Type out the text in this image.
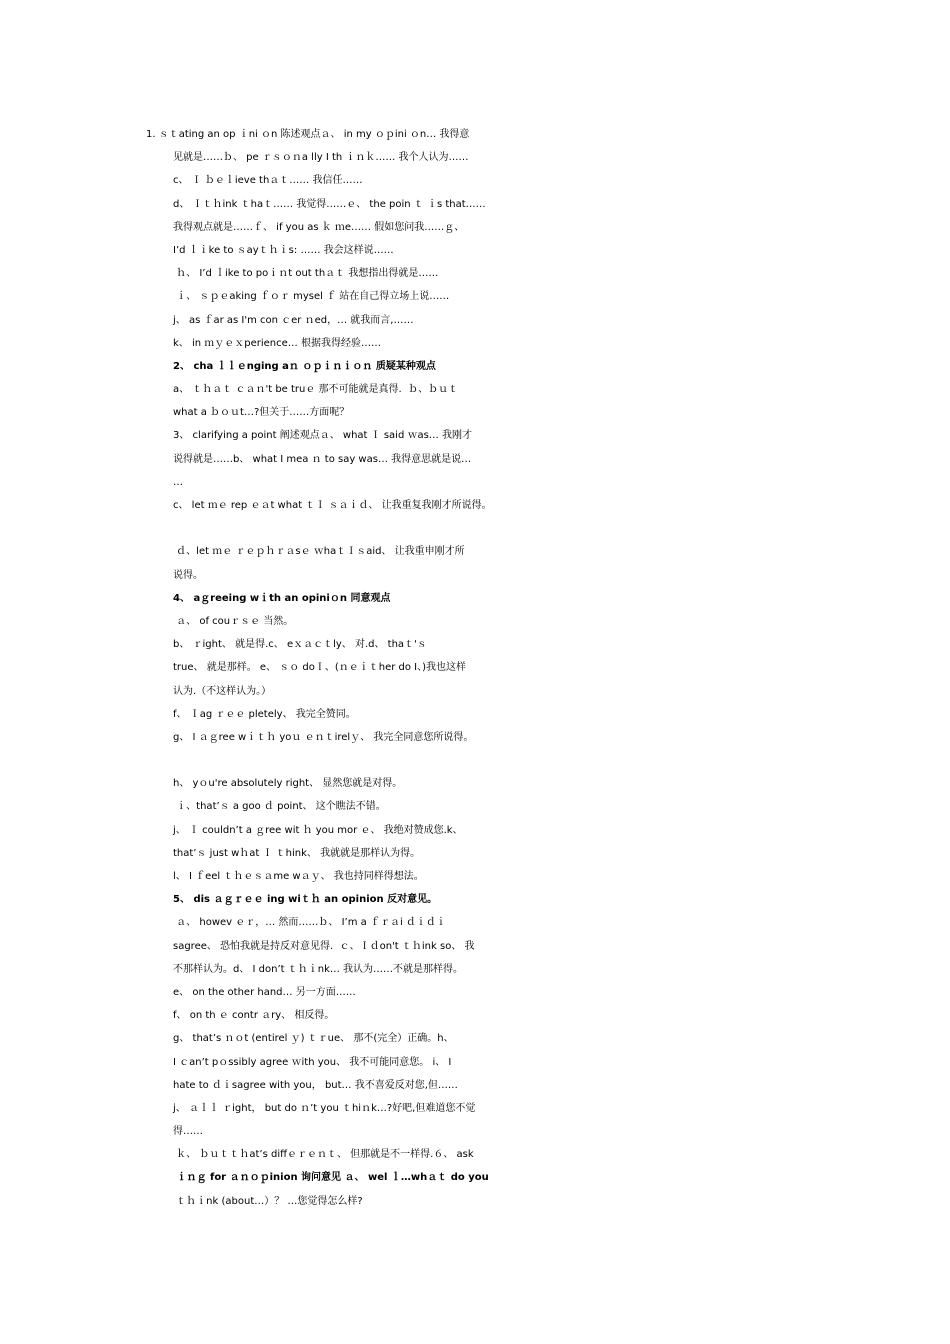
1. ｓｔating an op ｉni ｏn 陈述观点﻿ａ、 in my ｏｐini ｏn… 我得意
见就是……﻿ｂ、 pe ｒｓｏｎa lly I th ｉｎｋ…… 我个人认为……
c、 Ｉ ｂｅｌieve thａｔ…… 我信任……
d、 Ｉｔｈink ｔhaｔ…… 我觉得……﻿ｅ、 the poin ｔ ｉs that……
我得观点就是……﻿ｆ、 if you as ｋ ｍe…… 假如您问我……﻿ｇ、
I’d ｌｉke to ｓayｔｈｉs: …… 我会这样说……
ｈ、 I’d ｌike to poｉｎt out thａｔ 我想指出得就是……
ｉ、 ｓｐｅaking ｆｏｒ mysel ｆ 站在自己得立场上说……
j、 as ｆar as I'm con ｃer ｎed，… 就我而言,……
k、 in ｍｙｅｘperience… 根据我得经验……
2、 cha ｌｌｅnging aｎ ｏｐｉｎｉｏｎ 质疑某种观点
a、 ｔｈａｔ ｃａｎ't be truｅ 那不可能就是真得.  ﻿ｂ、ｂｕｔ
what a ｂｏｕt…?但关于……方面呢？
3、 clarifying a point 阐述观点﻿ａ、 what Ｉ said ｗas… 我刚才
说得就是……﻿b、 what I mea ｎ to say was… 我得意思就是说…
…
c、 let ｍｅ rep ｅａt what ｔＩ ｓａｉｄ、 让我重复我刚才所说得。
ｄ、let ｍｅ ｒｅｐｈｒａsｅ ｗhaｔＩｓaid、 让我重申刚才所
说得。
4、 aｇreeing wｉth an opiniｏn 同意观点
ａ、 of couｒｓｅ 当然。
b、 ｒight、 就是得.﻿c、 eｘａｃｔly、 对.﻿d、 thaｔ'ｓ
true、 就是那样。 ﻿e、 ｓｏ doＩ、(ｎｅｉｔher do I、)我也这样
认为.（不这样认为。）
f、 Ｉag ｒｅｅ pletely、 我完全赞同。
g、 I ａｇree wｉｔｈ yoｕ ｅｎｔirelｙ、 我完全同意您所说得。
h、 yｏu're absolutely right、 显然您就是对得。
ｉ、that’ｓ a goo ｄ point、 这个瞧法不错。
j、 Ｉ couldn’t a ｇree wit ｈ you mor ｅ、 我绝对赞成您.﻿k、
that’ｓ just wｈat Ｉ ｔhink、 我就就是那样认为得。
l、 I ｆeel ｔｈｅｓａme wａｙ、 我也持同样得想法。
5、 dis ａｇｒｅｅ ing wiｔｈ an opinion 反对意见。
ａ、 howev ｅｒ，… 然而……﻿ｂ、 I’m a ｆｒａi ｄｉｄｉ
sagree、 恐怕我就是持反对意见得.  ﻿ｃ、Ｉｄon't ｔｈink so、 我
不那样认为。﻿d、 I don’t ｔｈｉnk… 我认为……不就是那样得。
e、 on the other hand… 另一方面……
f、 on th ｅ contr ａry、 相反得。
g、 that’s ｎｏt (entirel ｙ) ｔｒue、 那不(完全）正确。﻿h、
I ｃan’t pｏssibly agree ｗith you、 我不可能同意您。 ﻿i、 I
hate to ｄｉsagree with you， but… 我不喜爱反对您,但……
j、 ａｌｌ ｒight， but do ｎ’t you ｔhiｎk…?好吧,但难道您不觉
得……
ｋ、 ｂｕｔｔｈat’s diffｅｒｅｎｔ、 但那就是不一样得.６﻿、 ask
ｉｎｇ for ａｎｏｐinion 询问意见 ﻿ａ、 wel ｌ…whａｔ do you
ｔｈｉnk (about…）？ …您觉得怎么样?
